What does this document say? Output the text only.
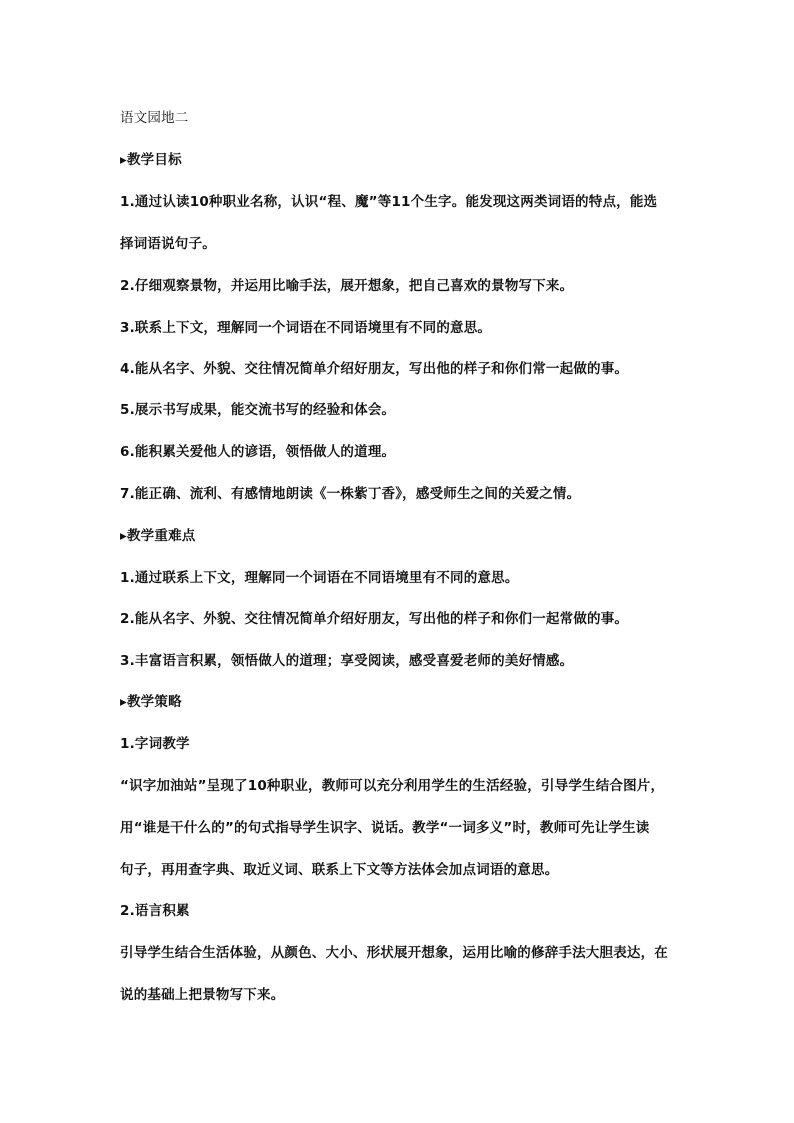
语文园地二
▸教学目标
1.通过认读10种职业名称，认识“程、魔”等11个生字。能发现这两类词语的特点，能选
择词语说句子。
2.仔细观察景物，并运用比喻手法，展开想象，把自己喜欢的景物写下来。
3.联系上下文，理解同一个词语在不同语境里有不同的意思。
4.能从名字、外貌、交往情况简单介绍好朋友，写出他的样子和你们常一起做的事。
5.展示书写成果，能交流书写的经验和体会。
6.能积累关爱他人的谚语，领悟做人的道理。
7.能正确、流利、有感情地朗读《一株紫丁香》，感受师生之间的关爱之情。
▸教学重难点
1.通过联系上下文，理解同一个词语在不同语境里有不同的意思。
2.能从名字、外貌、交往情况简单介绍好朋友，写出他的样子和你们一起常做的事。
3.丰富语言积累，领悟做人的道理；享受阅读，感受喜爱老师的美好情感。
▸教学策略
1.字词教学
“识字加油站”呈现了10种职业，教师可以充分利用学生的生活经验，引导学生结合图片，
用“谁是干什么的”的句式指导学生识字、说话。教学“一词多义”时，教师可先让学生读
句子，再用查字典、取近义词、联系上下文等方法体会加点词语的意思。
2.语言积累
引导学生结合生活体验，从颜色、大小、形状展开想象，运用比喻的修辞手法大胆表达，在
说的基础上把景物写下来。
